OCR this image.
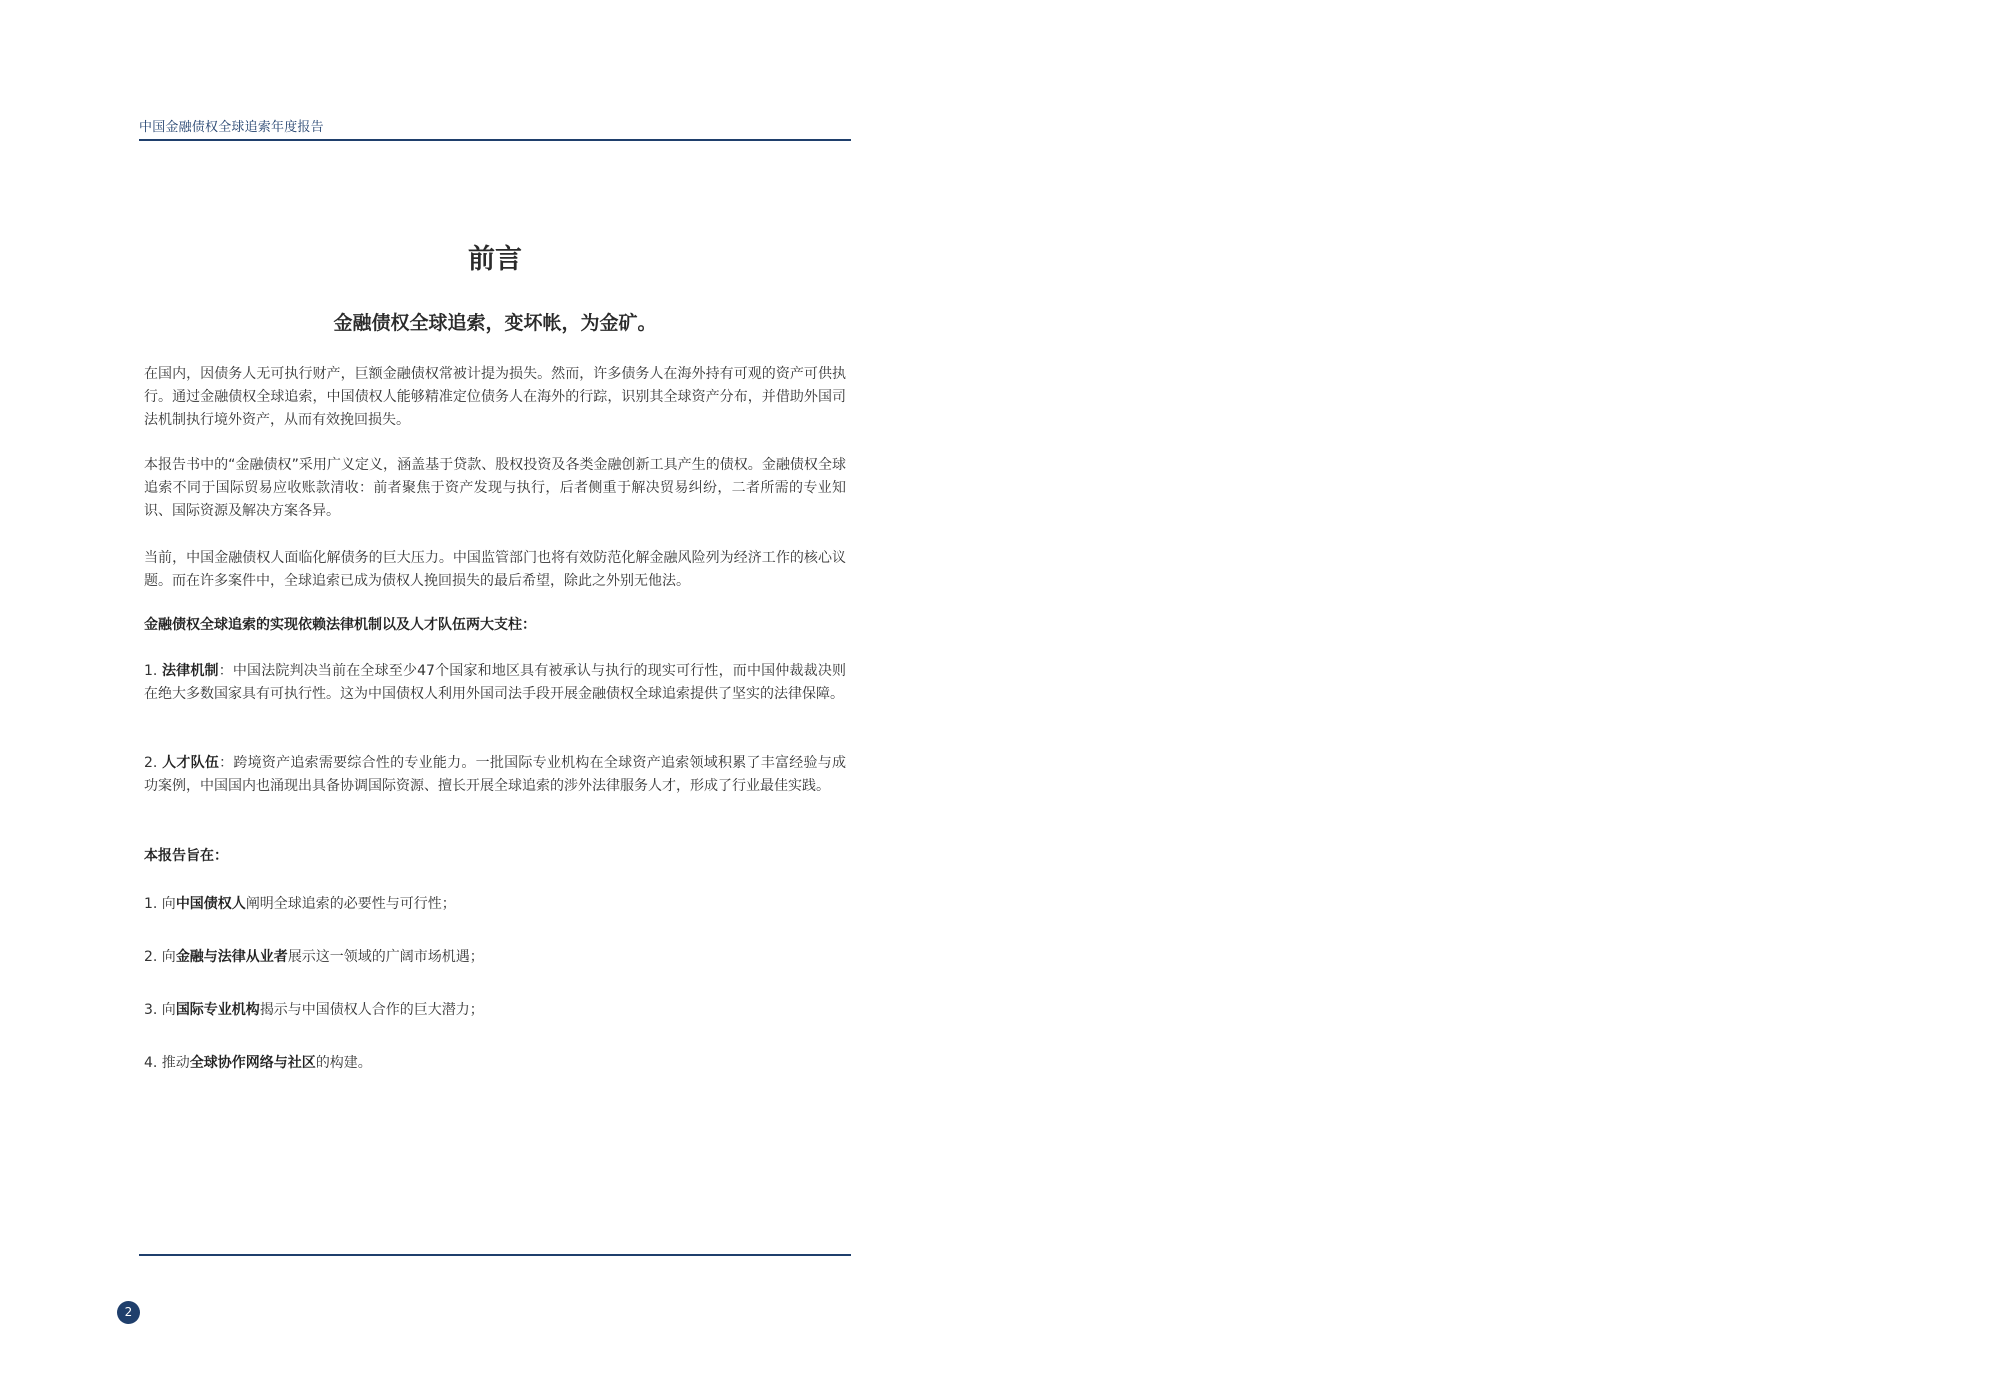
中国金融债权全球追索年度报告
前言
金融债权全球追索，变坏帐，为金矿。

在国内，因债务人无可执行财产，巨额金融债权常被计提为损失。然而，许多债务人在海外持有可观的资产可供执行。通过金融债权全球追索，中国债权人能够精准定位债务人在海外的行踪，识别其全球资产分布，并借助外国司法机制执行境外资产，从而有效挽回损失。

本报告书中的“金融债权”采用广义定义，涵盖基于贷款、股权投资及各类金融创新工具产生的债权。金融债权全球追索不同于国际贸易应收账款清收：前者聚焦于资产发现与执行，后者侧重于解决贸易纠纷，二者所需的专业知识、国际资源及解决方案各异。

当前，中国金融债权人面临化解债务的巨大压力。中国监管部门也将有效防范化解金融风险列为经济工作的核心议题。而在许多案件中，全球追索已成为债权人挽回损失的最后希望，除此之外别无他法。

金融债权全球追索的实现依赖法律机制以及人才队伍两大支柱：

1. 法律机制：中国法院判决当前在全球至少47个国家和地区具有被承认与执行的现实可行性，而中国仲裁裁决则在绝大多数国家具有可执行性。这为中国债权人利用外国司法手段开展金融债权全球追索提供了坚实的法律保障。

2. 人才队伍：跨境资产追索需要综合性的专业能力。一批国际专业机构在全球资产追索领域积累了丰富经验与成功案例，中国国内也涌现出具备协调国际资源、擅长开展全球追索的涉外法律服务人才，形成了行业最佳实践。

本报告旨在：

1. 向中国债权人阐明全球追索的必要性与可行性；

2. 向金融与法律从业者展示这一领域的广阔市场机遇；

3. 向国际专业机构揭示与中国债权人合作的巨大潜力；

4. 推动全球协作网络与社区的构建。

2
